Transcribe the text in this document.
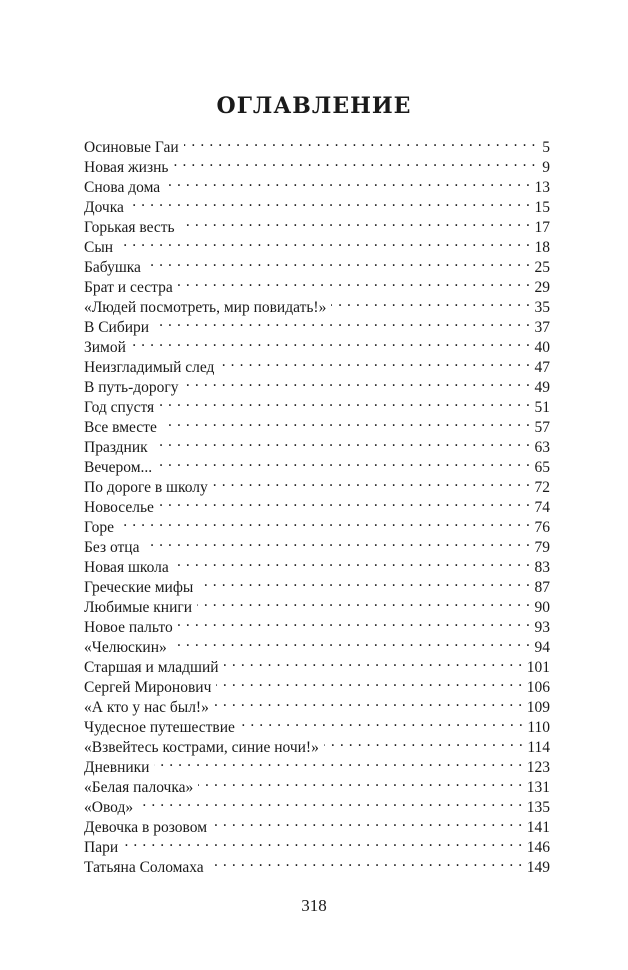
ОГЛАВЛЕНИЕ
Осиновые Гаи . . .	5
Новая жизнь . . .	9
Снова дома . . .	13
Дочка . . .	15
Горькая весть . . .	17
Сын . . .	18
Бабушка . . .	25
Брат и сестра . . .	29
«Людей посмотреть, мир повидать!» . . .	35
В Сибири . . .	37
Зимой . . .	40
Неизгладимый след . . .	47
В путь-дорогу . . .	49
Год спустя . . .	51
Все вместе . . .	57
Праздник . . .	63
Вечером... . . .	65
По дороге в школу . . .	72
Новоселье . . .	74
Горе . . .	76
Без отца . . .	79
Новая школа . . .	83
Греческие мифы . . .	87
Любимые книги . . .	90
Новое пальто . . .	93
«Челюскин» . . .	94
Старшая и младший . . .	101
Сергей Миронович . . .	106
«А кто у нас был!» . . .	109
Чудесное путешествие . . .	110
«Взвейтесь кострами, синие ночи!» . . .	114
Дневники . . .	123
«Белая палочка» . . .	131
«Овод» . . .	135
Девочка в розовом . . .	141
Пари . . .	146
Татьяна Соломаха . . .	149
318
